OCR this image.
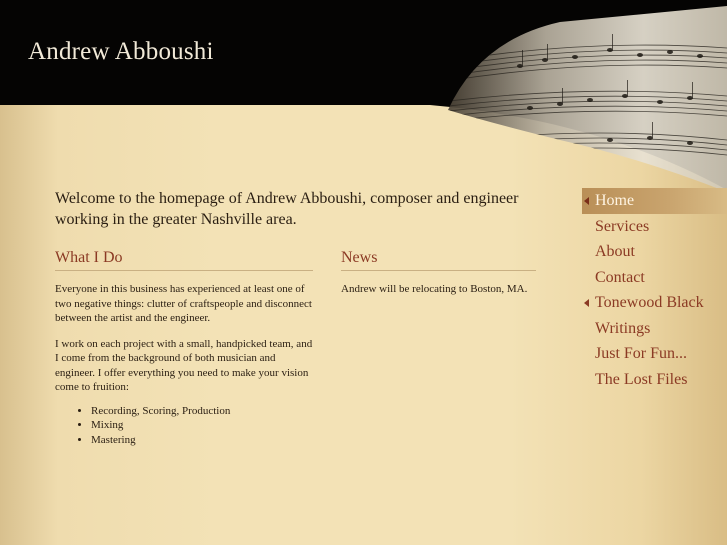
Andrew Abboushi

Welcome to the homepage of Andrew Abboushi, composer and engineer working in the greater Nashville area.

What I Do

Everyone in this business has experienced at least one of two negative things: clutter of craftspeople and disconnect between the artist and the engineer.

I work on each project with a small, handpicked team, and I come from the background of both musician and engineer. I offer everything you need to make your vision come to fruition:

• Recording, Scoring, Production
• Mixing
• Mastering
News

Andrew will be relocating to Boston, MA.

Home
Services
About
Contact
Tonewood Black
Writings
Just For Fun...
The Lost Files
